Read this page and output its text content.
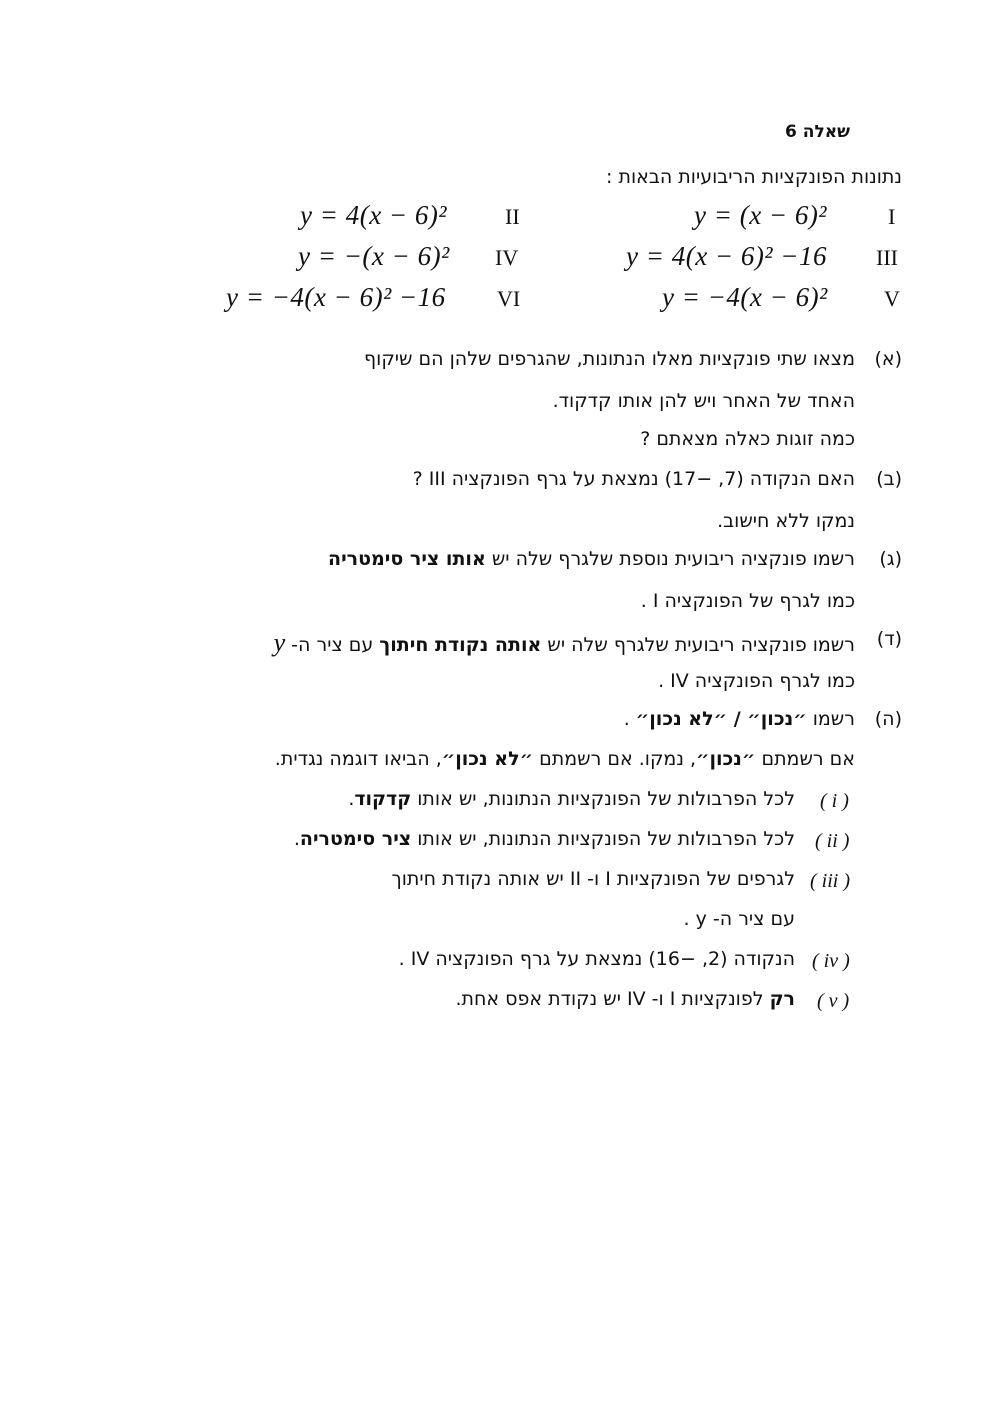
שאלה 6
נתונות הפונקציות הריבועיות הבאות :
I
y = (x − 6)²
II
y = 4(x − 6)²
III
y = 4(x − 6)² −16
IV
y = −(x − 6)²
V
y = −4(x − 6)²
VI
y = −4(x − 6)² −16
(א)
מצאו שתי פונקציות מאלו הנתונות, שהגרפים שלהן הם שיקוף
האחד של האחר ויש להן אותו קדקוד.
כמה זוגות כאלה מצאתם ?
(ב)
האם הנקודה (7, −17) נמצאת על גרף הפונקציה III ?
נמקו ללא חישוב.
(ג)
רשמו פונקציה ריבועית נוספת שלגרף שלה יש אותו ציר סימטריה
כמו לגרף של הפונקציה I .
(ד)
רשמו פונקציה ריבועית שלגרף שלה יש אותה נקודת חיתוך עם ציר ה- y
כמו לגרף הפונקציה IV .
(ה)
רשמו ״נכון״ / ״לא נכון״ .
אם רשמתם ״נכון״, נמקו. אם רשמתם ״לא נכון״, הביאו דוגמה נגדית.
( i )
לכל הפרבולות של הפונקציות הנתונות, יש אותו קדקוד.
( ii )
לכל הפרבולות של הפונקציות הנתונות, יש אותו ציר סימטריה.
( iii )
לגרפים של הפונקציות I ו- II יש אותה נקודת חיתוך
עם ציר ה- y .
( iv )
הנקודה (2, −16) נמצאת על גרף הפונקציה IV .
( v )
רק לפונקציות I ו- IV יש נקודת אפס אחת.
